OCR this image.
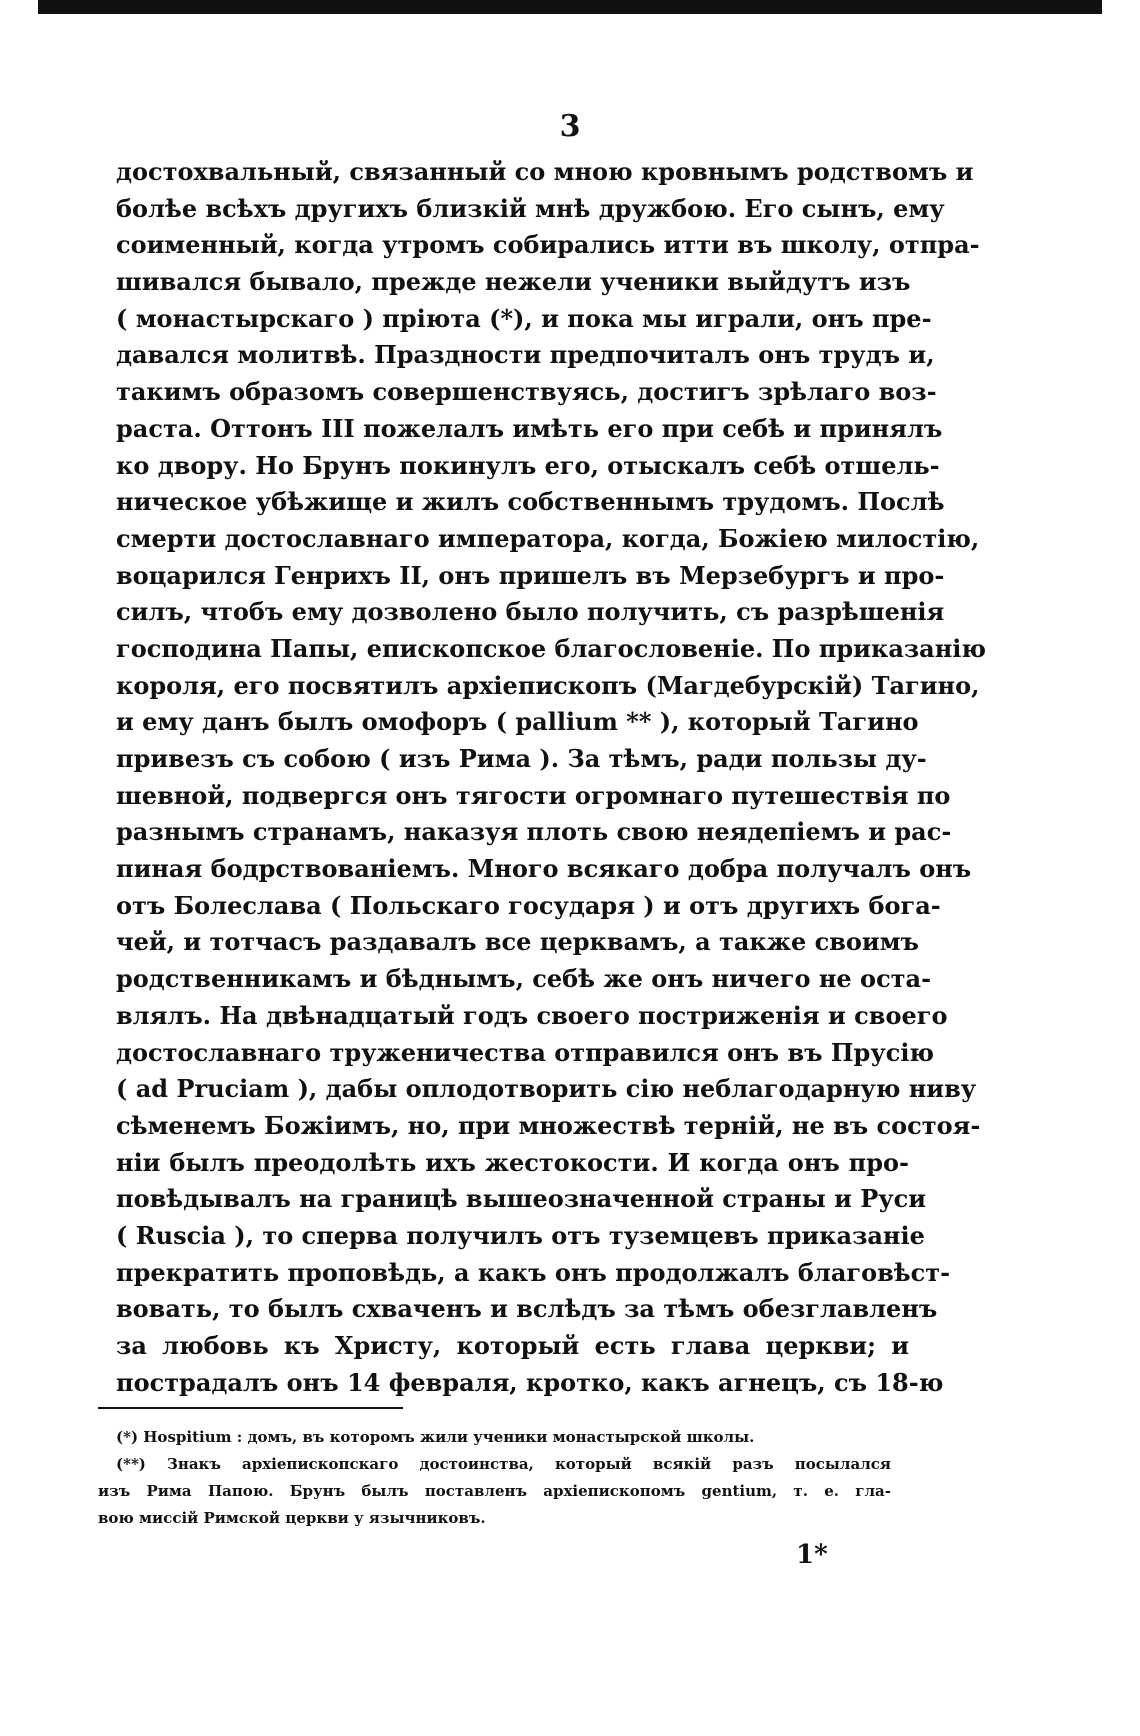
3
достохвальный, связанный со мною кровнымъ родствомъ и
болѣе всѣхъ другихъ близкій мнѣ дружбою. Его сынъ, ему
соименный, когда утромъ собирались итти въ школу, отпра-
шивался бывало, прежде нежели ученики выйдутъ изъ
( монастырскаго ) пріюта (*), и пока мы играли, онъ пре-
давался молитвѣ. Праздности предпочиталъ онъ трудъ и,
такимъ образомъ совершенствуясь, достигъ зрѣлаго воз-
раста. Оттонъ III пожелалъ имѣть его при себѣ и принялъ
ко двору. Но Брунъ покинулъ его, отыскалъ себѣ отшель-
ническое убѣжище и жилъ собственнымъ трудомъ. Послѣ
смерти достославнаго императора, когда, Божіею милостію,
воцарился Генрихъ II, онъ пришелъ въ Мерзебургъ и про-
силъ, чтобъ ему дозволено было получить, съ разрѣшенія
господина Папы, епископское благословеніе. По приказанію
короля, его посвятилъ архіепископъ (Магдебурскій) Тагино,
и ему данъ былъ омофоръ ( pallium ** ), который Тагино
привезъ съ собою ( изъ Рима ). За тѣмъ, ради пользы ду-
шевной, подвергся онъ тягости огромнаго путешествія по
разнымъ странамъ, наказуя плоть свою неядепіемъ и рас-
пиная бодрствованіемъ. Много всякаго добра получалъ онъ
отъ Болеслава ( Польскаго государя ) и отъ другихъ бога-
чей, и тотчасъ раздавалъ все церквамъ, а также своимъ
родственникамъ и бѣднымъ, себѣ же онъ ничего не оста-
влялъ. На двѣнадцатый годъ своего постриженія и своего
достославнаго труженичества отправился онъ въ Прусію
( ad Pruciam ), дабы оплодотворить сію неблагодарную ниву
сѣменемъ Божіимъ, но, при множествѣ терній, не въ состоя-
ніи былъ преодолѣть ихъ жестокости. И когда онъ про-
повѣдывалъ на границѣ вышеозначенной страны и Руси
( Ruscia ), то сперва получилъ отъ туземцевъ приказаніе
прекратить проповѣдь, а какъ онъ продолжалъ благовѣст-
вовать, то былъ схваченъ и вслѣдъ за тѣмъ обезглавленъ
за любовь къ Христу, который есть глава церкви; и
пострадалъ онъ 14 февраля, кротко, какъ агнецъ, съ 18-ю
(*) Hospitium : домъ, въ которомъ жили ученики монастырской школы.
(**) Знакъ архіепископскаго достоинства, который всякій разъ посылался
изъ Рима Папою. Брунъ былъ поставленъ архіепископомъ gentium, т. е. гла-
вою миссій Римской церкви у язычниковъ.
1*
